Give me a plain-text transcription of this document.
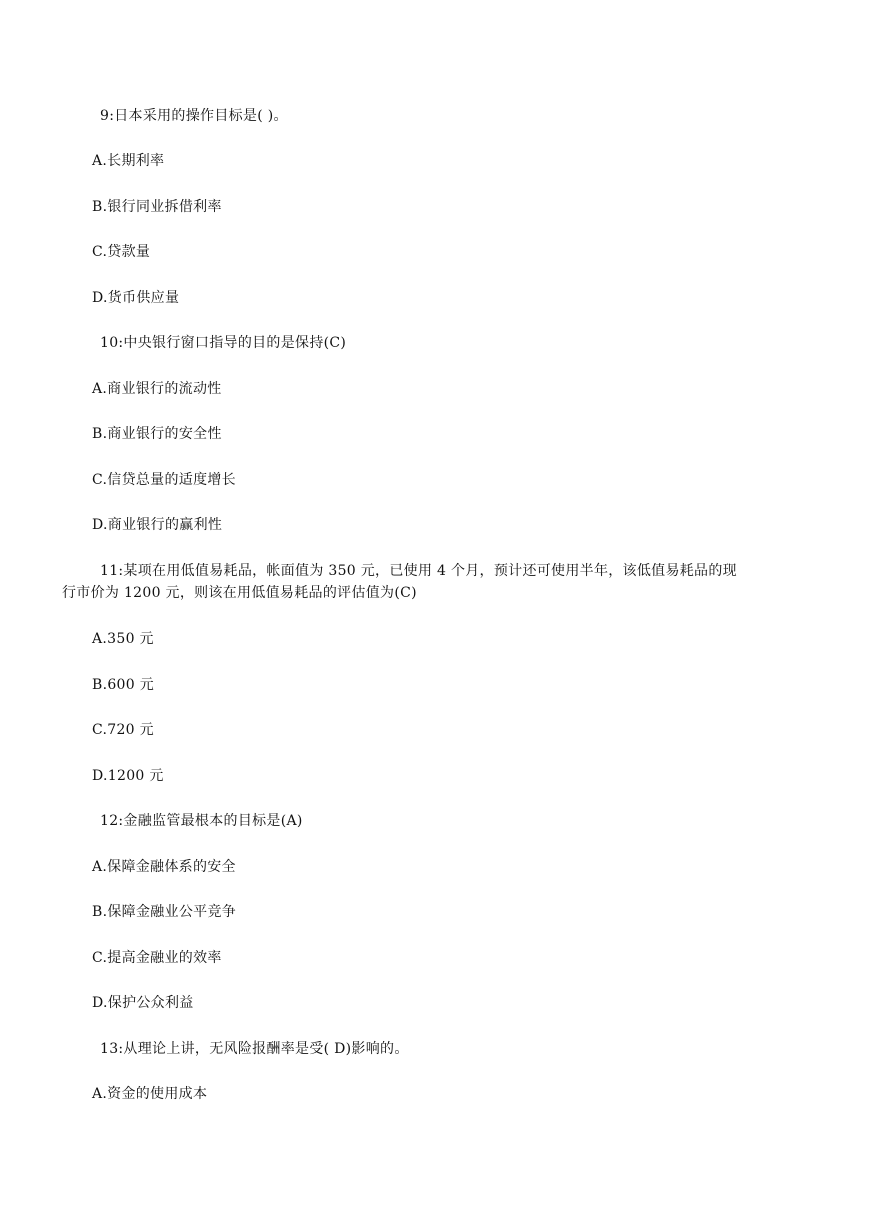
9:日本采用的操作目标是( )。
A.长期利率
B.银行同业拆借利率
C.贷款量
D.货币供应量
10:中央银行窗口指导的目的是保持(C)
A.商业银行的流动性
B.商业银行的安全性
C.信贷总量的适度增长
D.商业银行的赢利性
11:某项在用低值易耗品，帐面值为 350 元，已使用 4 个月，预计还可使用半年，该低值易耗品的现
行市价为 1200 元，则该在用低值易耗品的评估值为(C)
A.350 元
B.600 元
C.720 元
D.1200 元
12:金融监管最根本的目标是(A)
A.保障金融体系的安全
B.保障金融业公平竞争
C.提高金融业的效率
D.保护公众利益
13:从理论上讲，无风险报酬率是受( D)影响的。
A.资金的使用成本
